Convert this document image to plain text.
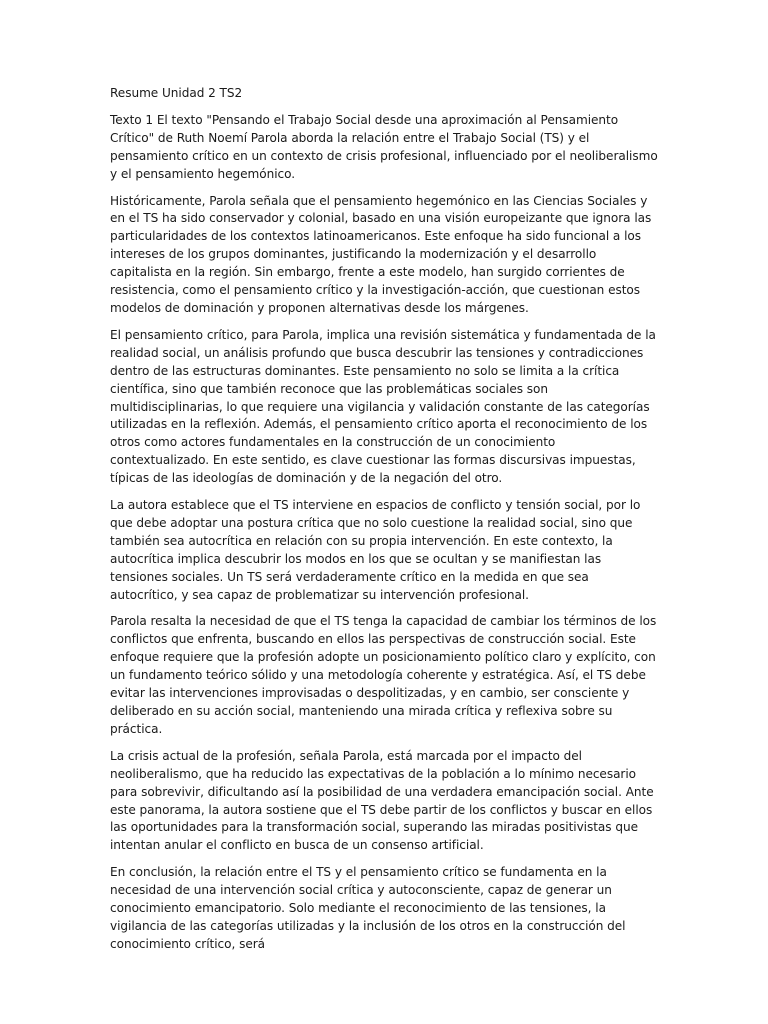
Resume Unidad 2 TS2

Texto 1 El texto "Pensando el Trabajo Social desde una aproximación al Pensamiento Crítico" de Ruth Noemí Parola aborda la relación entre el Trabajo Social (TS) y el pensamiento crítico en un contexto de crisis profesional, influenciado por el neoliberalismo y el pensamiento hegemónico.

Históricamente, Parola señala que el pensamiento hegemónico en las Ciencias Sociales y en el TS ha sido conservador y colonial, basado en una visión europeizante que ignora las particularidades de los contextos latinoamericanos. Este enfoque ha sido funcional a los intereses de los grupos dominantes, justificando la modernización y el desarrollo capitalista en la región. Sin embargo, frente a este modelo, han surgido corrientes de resistencia, como el pensamiento crítico y la investigación-acción, que cuestionan estos modelos de dominación y proponen alternativas desde los márgenes.

El pensamiento crítico, para Parola, implica una revisión sistemática y fundamentada de la realidad social, un análisis profundo que busca descubrir las tensiones y contradicciones dentro de las estructuras dominantes. Este pensamiento no solo se limita a la crítica científica, sino que también reconoce que las problemáticas sociales son multidisciplinarias, lo que requiere una vigilancia y validación constante de las categorías utilizadas en la reflexión. Además, el pensamiento crítico aporta el reconocimiento de los otros como actores fundamentales en la construcción de un conocimiento contextualizado. En este sentido, es clave cuestionar las formas discursivas impuestas, típicas de las ideologías de dominación y de la negación del otro.

La autora establece que el TS interviene en espacios de conflicto y tensión social, por lo que debe adoptar una postura crítica que no solo cuestione la realidad social, sino que también sea autocrítica en relación con su propia intervención. En este contexto, la autocrítica implica descubrir los modos en los que se ocultan y se manifiestan las tensiones sociales. Un TS será verdaderamente crítico en la medida en que sea autocrítico, y sea capaz de problematizar su intervención profesional.

Parola resalta la necesidad de que el TS tenga la capacidad de cambiar los términos de los conflictos que enfrenta, buscando en ellos las perspectivas de construcción social. Este enfoque requiere que la profesión adopte un posicionamiento político claro y explícito, con un fundamento teórico sólido y una metodología coherente y estratégica. Así, el TS debe evitar las intervenciones improvisadas o despolitizadas, y en cambio, ser consciente y deliberado en su acción social, manteniendo una mirada crítica y reflexiva sobre su práctica.

La crisis actual de la profesión, señala Parola, está marcada por el impacto del neoliberalismo, que ha reducido las expectativas de la población a lo mínimo necesario para sobrevivir, dificultando así la posibilidad de una verdadera emancipación social. Ante este panorama, la autora sostiene que el TS debe partir de los conflictos y buscar en ellos las oportunidades para la transformación social, superando las miradas positivistas que intentan anular el conflicto en busca de un consenso artificial.

En conclusión, la relación entre el TS y el pensamiento crítico se fundamenta en la necesidad de una intervención social crítica y autoconsciente, capaz de generar un conocimiento emancipatorio. Solo mediante el reconocimiento de las tensiones, la vigilancia de las categorías utilizadas y la inclusión de los otros en la construcción del conocimiento crítico, será
